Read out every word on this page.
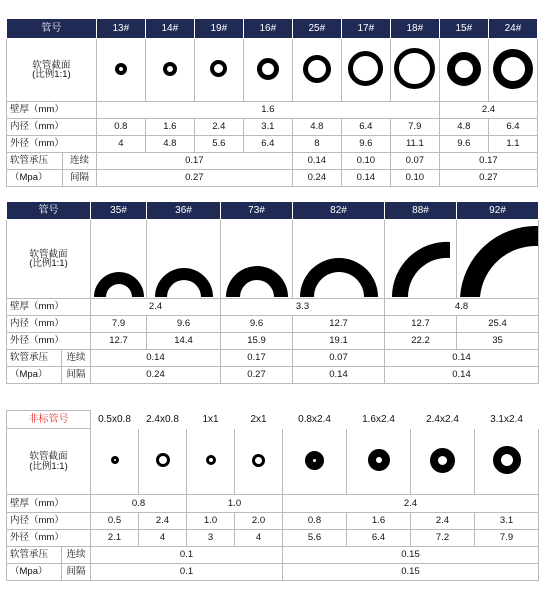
管号		13#	14#	19#	16#	25#	17#	18#	15#	24#
软管截面
(比例1:1)										
壁厚（mm）		1.6							2.4	
内径（mm）		0.8	1.6	2.4	3.1	4.8	6.4	7.9	4.8	6.4
外径（mm）		4	4.8	5.6	6.4	8	9.6	11.1	9.6	1.1
软管承压	连续	0.17				0.14	0.10	0.07	0.17	
（Mpa）	间隔	0.27				0.24	0.14	0.10	0.27	
管号		35#	36#	73#	82#	88#	92#
软管截面
(比例1:1)	

壁厚（mm）		2.4		3.3		4.8	
内径（mm）		7.9	9.6	9.6	12.7	12.7	25.4
外径（mm）		12.7	14.4	15.9	19.1	22.2	35
软管承压	连续	0.14		0.17	0.07	0.14	
（Mpa）	间隔	0.24		0.27	0.14	0.14	
非标管号		0.5x0.8	2.4x0.8	1x1	2x1	0.8x2.4	1.6x2.4	2.4x2.4	3.1x2.4
软管截面
(比例1:1)									
壁厚（mm）		0.8		1.0		2.4			
内径（mm）		0.5	2.4	1.0	2.0	0.8	1.6	2.4	3.1
外径（mm）		2.1	4	3	4	5.6	6.4	7.2	7.9
软管承压	连续	0.1				0.15			
（Mpa）	间隔	0.1				0.15			
